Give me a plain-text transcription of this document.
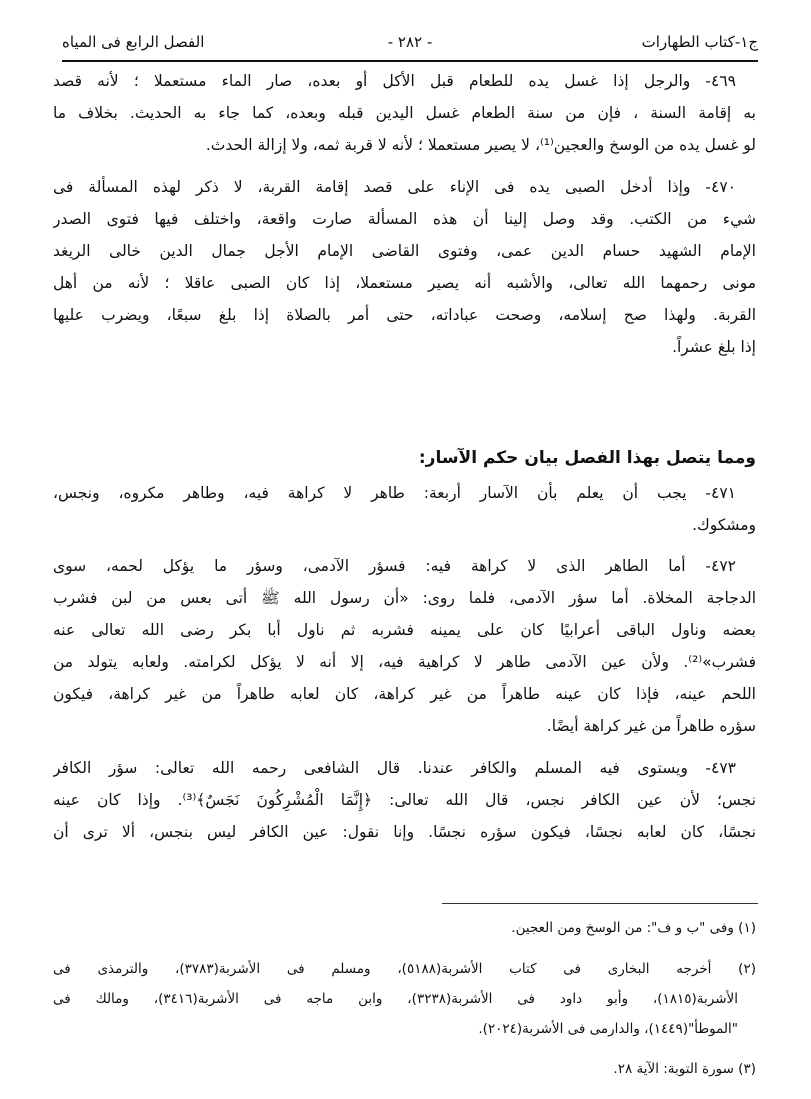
ج١-كتاب الطهارات
- ٢٨٢ -
الفصل الرابع فى المياه
٤٦٩- والرجل إذا غسل يده للطعام قبل الأكل أو بعده، صار الماء مستعملا ؛ لأنه قصد
به إقامة السنة ، فإن من سنة الطعام غسل اليدين قبله وبعده، كما جاء به الحديث. بخلاف ما
لو غسل يده من الوسخ والعجين⁽¹⁾، لا يصير مستعملا ؛ لأنه لا قربة ثمه، ولا إزالة الحدث.
٤٧٠- وإذا أدخل الصبى يده فى الإناء على قصد إقامة القربة، لا ذكر لهذه المسألة فى
شيء من الكتب. وقد وصل إلينا أن هذه المسألة صارت واقعة، واختلف فيها فتوى الصدر
الإمام الشهيد حسام الدين عمى، وفتوى القاضى الإمام الأجل جمال الدين خالى الريغد
مونى رحمهما الله تعالى، والأشبه أنه يصير مستعملا، إذا كان الصبى عاقلا ؛ لأنه من أهل
القربة. ولهذا صح إسلامه، وصحت عباداته، حتى أمر بالصلاة إذا بلغ سبعًا، ويضرب عليها
إذا بلغ عشراً.
ومما يتصل بهذا الفصل بيان حكم الآسار:
٤٧١- يجب أن يعلم بأن الآسار أربعة: طاهر لا كراهة فيه، وطاهر مكروه، ونجس،
ومشكوك.
٤٧٢- أما الطاهر الذى لا كراهة فيه: فسؤر الآدمى، وسؤر ما يؤكل لحمه، سوى
الدجاجة المخلاة. أما سؤر الآدمى، فلما روى: «أن رسول الله ﷺ أتى بعس من لبن فشرب
بعضه وناول الباقى أعرابيًا كان على يمينه فشربه ثم ناول أبا بكر رضى الله تعالى عنه
فشرب»⁽²⁾. ولأن عين الآدمى طاهر لا كراهية فيه، إلا أنه لا يؤكل لكرامته. ولعابه يتولد من
اللحم عينه، فإذا كان عينه طاهراً من غير كراهة، كان لعابه طاهراً من غير كراهة، فيكون
سؤره طاهراً من غير كراهة أيضًا.
٤٧٣- ويستوى فيه المسلم والكافر عندنا. قال الشافعى رحمه الله تعالى: سؤر الكافر
نجس؛ لأن عين الكافر نجس، قال الله تعالى: ﴿إِنَّمَا الْمُشْرِكُونَ نَجَسٌ﴾⁽³⁾. وإذا كان عينه
نجسًا، كان لعابه نجسًا، فيكون سؤره نجسًا. وإنا نقول: عين الكافر ليس بنجس، ألا ترى أن
(١) وفى "ب و ف": من الوسخ ومن العجين.
(٢) أخرجه البخارى فى كتاب الأشربة(٥١٨٨)، ومسلم فى الأشربة(٣٧٨٣)، والترمذى فى
الأشربة(١٨١٥)، وأبو داود فى الأشربة(٣٢٣٨)، وابن ماجه فى الأشربة(٣٤١٦)، ومالك فى
"الموطأ"(١٤٤٩)، والدارمى فى الأشربة(٢٠٢٤).
(٣) سورة التوبة: الآية ٢٨.
